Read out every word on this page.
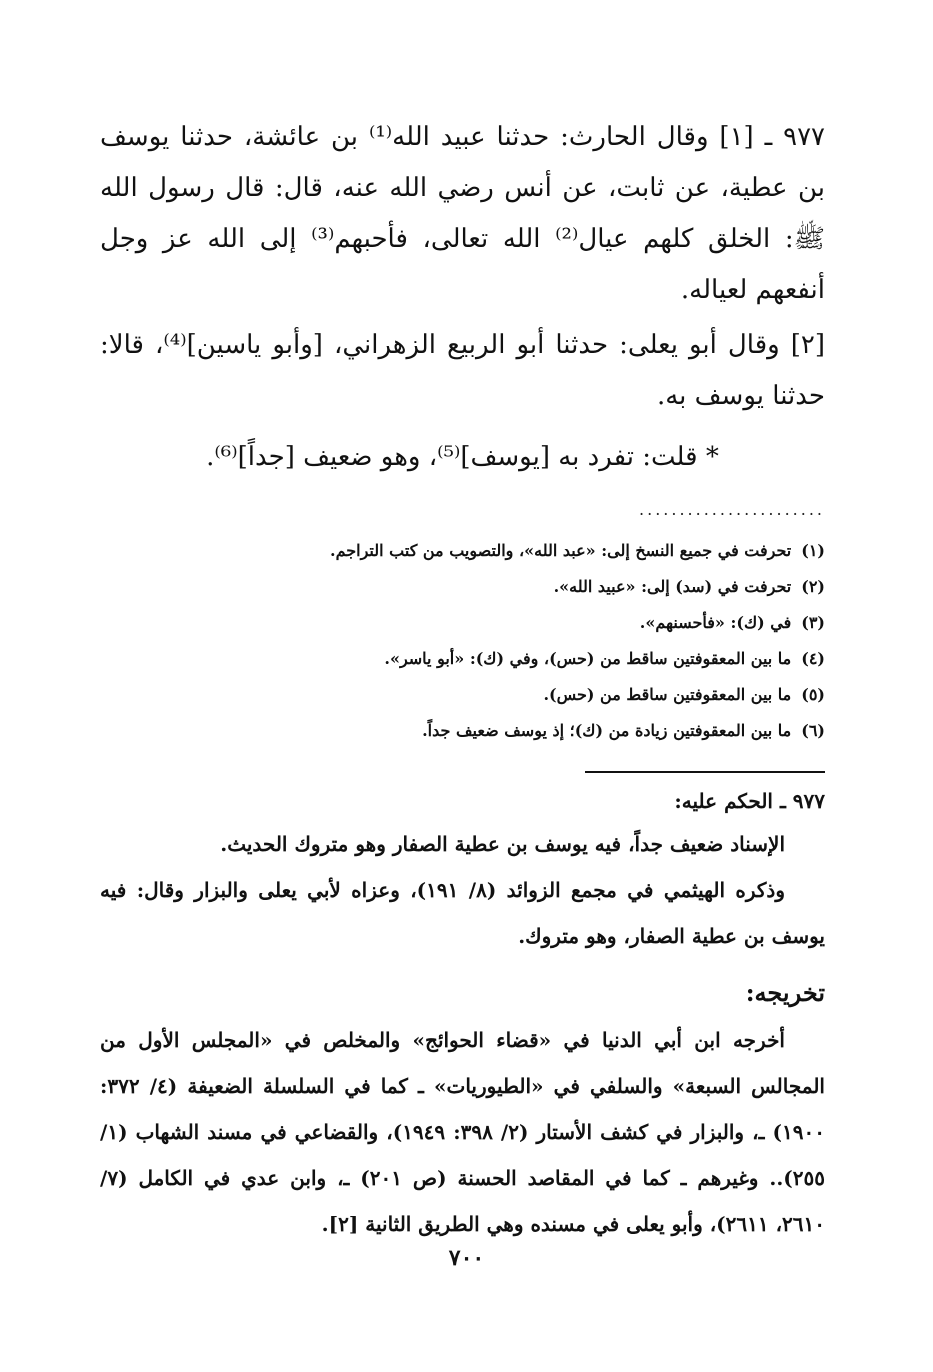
٩٧٧ ـ [١] وقال الحارث: حدثنا عبيد الله⁽¹⁾ بن عائشة، حدثنا يوسف بن عطية، عن ثابت، عن أنس رضي الله عنه، قال: قال رسول الله ﷺ: الخلق كلهم عيال⁽²⁾ الله تعالى، فأحبهم⁽³⁾ إلى الله عز وجل أنفعهم لعياله.

[٢] وقال أبو يعلى: حدثنا أبو الربيع الزهراني، [وأبو ياسين]⁽⁴⁾، قالا: حدثنا يوسف به.

* قلت: تفرد به [يوسف]⁽⁵⁾، وهو ضعيف [جداً]⁽⁶⁾.

.......................
(١)تحرفت في جميع النسخ إلى: «عبد الله»، والتصويب من كتب التراجم.
(٢)تحرفت في (سد) إلى: «عبيد الله».
(٣)في (ك): «فأحسنهم».
(٤)ما بين المعقوفتين ساقط من (حس)، وفي (ك): «أبو ياسر».
(٥)ما بين المعقوفتين ساقط من (حس).
(٦)ما بين المعقوفتين زيادة من (ك)؛ إذ يوسف ضعيف جداً.
٩٧٧ ـ الحكم عليه:

الإسناد ضعيف جداً، فيه يوسف بن عطية الصفار وهو متروك الحديث.

وذكره الهيثمي في مجمع الزوائد (٨/ ١٩١)، وعزاه لأبي يعلى والبزار وقال: فيه يوسف بن عطية الصفار، وهو متروك.

تخريجه:

أخرجه ابن أبي الدنيا في «قضاء الحوائج» والمخلص في «المجلس الأول من المجالس السبعة» والسلفي في «الطيوريات» ـ كما في السلسلة الضعيفة (٤/ ٣٧٢: ١٩٠٠) ـ، والبزار في كشف الأستار (٢/ ٣٩٨: ١٩٤٩)، والقضاعي في مسند الشهاب (١/ ٢٥٥).. وغيرهم ـ كما في المقاصد الحسنة (ص ٢٠١) ـ، وابن عدي في الكامل (٧/ ٢٦١٠، ٢٦١١)، وأبو يعلى في مسنده وهي الطريق الثانية [٢].

٧٠٠
